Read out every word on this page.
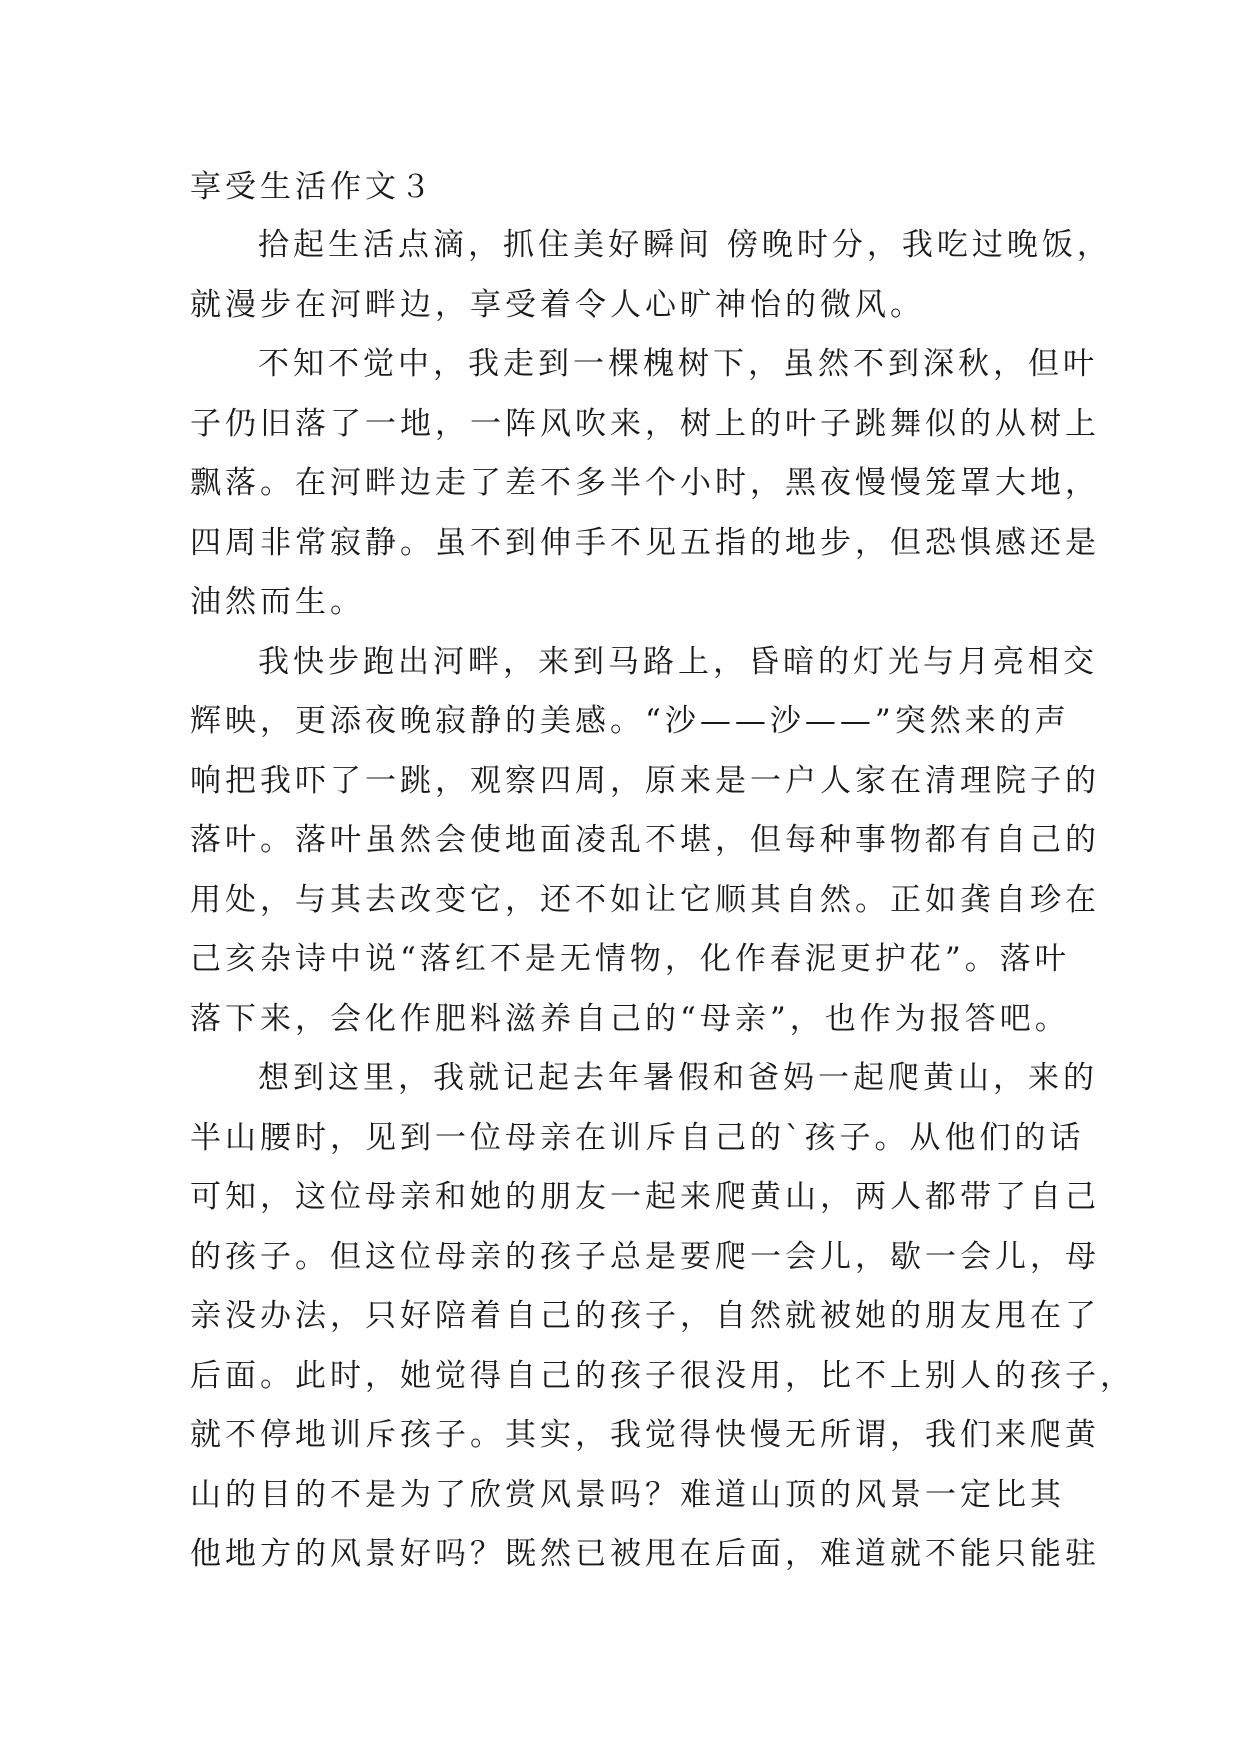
享受生活作文３

拾起生活点滴，抓住美好瞬间 傍晚时分，我吃过晚饭，
就漫步在河畔边，享受着令人心旷神怡的微风。

不知不觉中，我走到一棵槐树下，虽然不到深秋，但叶
子仍旧落了一地，一阵风吹来，树上的叶子跳舞似的从树上
飘落。在河畔边走了差不多半个小时，黑夜慢慢笼罩大地，
四周非常寂静。虽不到伸手不见五指的地步，但恐惧感还是
油然而生。

我快步跑出河畔，来到马路上，昏暗的灯光与月亮相交
辉映，更添夜晚寂静的美感。“沙——沙——”突然来的声
响把我吓了一跳，观察四周，原来是一户人家在清理院子的
落叶。落叶虽然会使地面凌乱不堪，但每种事物都有自己的
用处，与其去改变它，还不如让它顺其自然。正如龚自珍在
己亥杂诗中说“落红不是无情物，化作春泥更护花”。落叶
落下来，会化作肥料滋养自己的“母亲”，也作为报答吧。

想到这里，我就记起去年暑假和爸妈一起爬黄山，来的
半山腰时，见到一位母亲在训斥自己的`孩子。从他们的话
可知，这位母亲和她的朋友一起来爬黄山，两人都带了自己
的孩子。但这位母亲的孩子总是要爬一会儿，歇一会儿，母
亲没办法，只好陪着自己的孩子，自然就被她的朋友甩在了
后面。此时，她觉得自己的孩子很没用，比不上别人的孩子，
就不停地训斥孩子。其实，我觉得快慢无所谓，我们来爬黄
山的目的不是为了欣赏风景吗？难道山顶的风景一定比其
他地方的风景好吗？既然已被甩在后面，难道就不能只能驻
